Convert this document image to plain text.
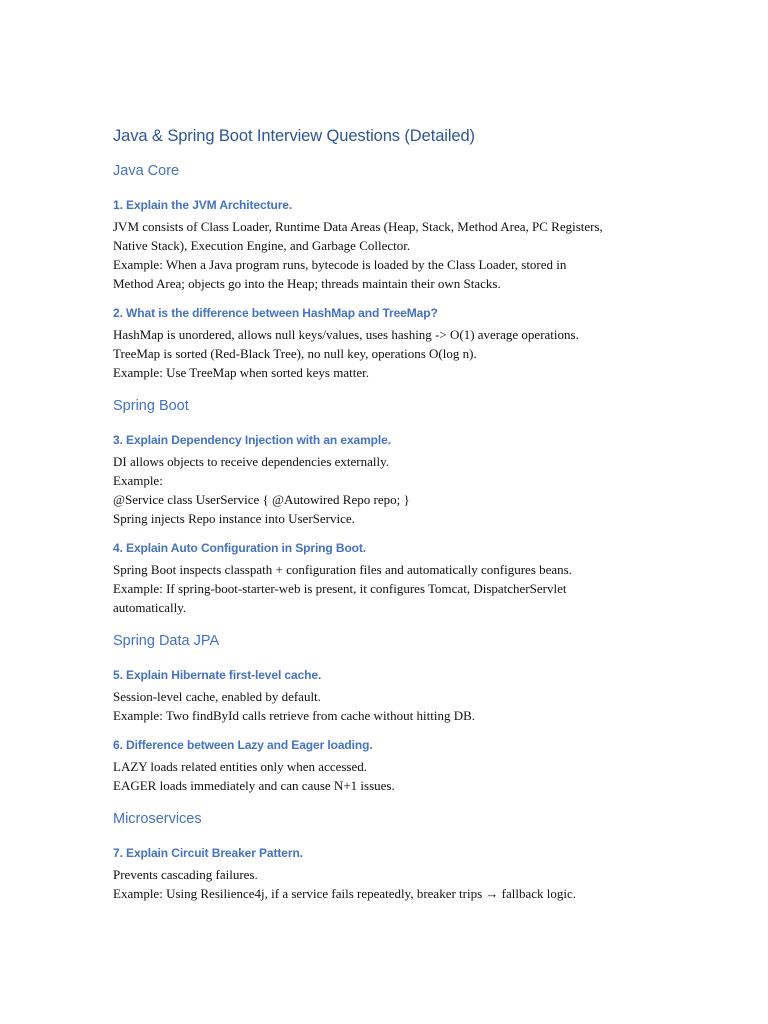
Java & Spring Boot Interview Questions (Detailed)
Java Core
1. Explain the JVM Architecture.

JVM consists of Class Loader, Runtime Data Areas (Heap, Stack, Method Area, PC Registers,

Native Stack), Execution Engine, and Garbage Collector.

Example: When a Java program runs, bytecode is loaded by the Class Loader, stored in

Method Area; objects go into the Heap; threads maintain their own Stacks.

2. What is the difference between HashMap and TreeMap?

HashMap is unordered, allows null keys/values, uses hashing -> O(1) average operations.

TreeMap is sorted (Red-Black Tree), no null key, operations O(log n).

Example: Use TreeMap when sorted keys matter.

Spring Boot
3. Explain Dependency Injection with an example.

DI allows objects to receive dependencies externally.

Example:

@Service class UserService { @Autowired Repo repo; }

Spring injects Repo instance into UserService.

4. Explain Auto Configuration in Spring Boot.

Spring Boot inspects classpath + configuration files and automatically configures beans.

Example: If spring-boot-starter-web is present, it configures Tomcat, DispatcherServlet

automatically.

Spring Data JPA
5. Explain Hibernate first-level cache.

Session-level cache, enabled by default.

Example: Two findById calls retrieve from cache without hitting DB.

6. Difference between Lazy and Eager loading.

LAZY loads related entities only when accessed.

EAGER loads immediately and can cause N+1 issues.

Microservices
7. Explain Circuit Breaker Pattern.

Prevents cascading failures.

Example: Using Resilience4j, if a service fails repeatedly, breaker trips → fallback logic.
